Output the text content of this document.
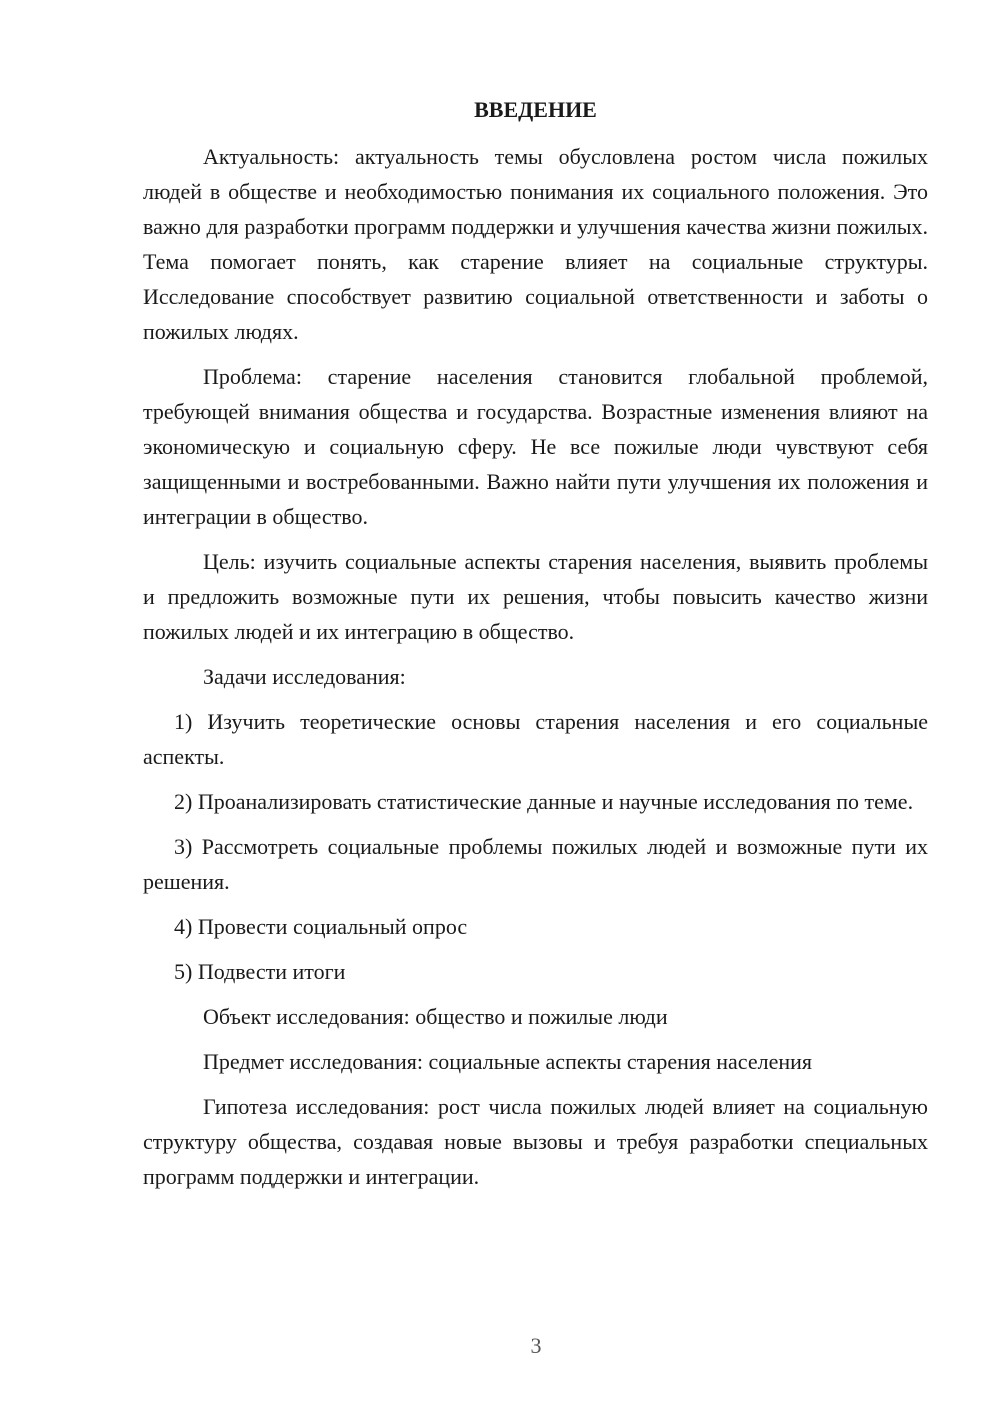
ВВЕДЕНИЕ

Актуальность: актуальность темы обусловлена ростом числа пожилых людей в обществе и необходимостью понимания их социального положения. Это важно для разработки программ поддержки и улучшения качества жизни пожилых. Тема помогает понять, как старение влияет на социальные структуры. Исследование способствует развитию социальной ответственности и заботы о пожилых людях.

Проблема: старение населения становится глобальной проблемой, требующей внимания общества и государства. Возрастные изменения влияют на экономическую и социальную сферу. Не все пожилые люди чувствуют себя защищенными и востребованными. Важно найти пути улучшения их положения и интеграции в общество.

Цель: изучить социальные аспекты старения населения, выявить проблемы и предложить возможные пути их решения, чтобы повысить качество жизни пожилых людей и их интеграцию в общество.

Задачи исследования:

1) Изучить теоретические основы старения населения и его социальные аспекты.

2) Проанализировать статистические данные и научные исследования по теме.

3) Рассмотреть социальные проблемы пожилых людей и возможные пути их решения.

4) Провести социальный опрос

5) Подвести итоги

Объект исследования: общество и пожилые люди

Предмет исследования: социальные аспекты старения населения

Гипотеза исследования: рост числа пожилых людей влияет на социальную структуру общества, создавая новые вызовы и требуя разработки специальных программ поддержки и интеграции.

3
